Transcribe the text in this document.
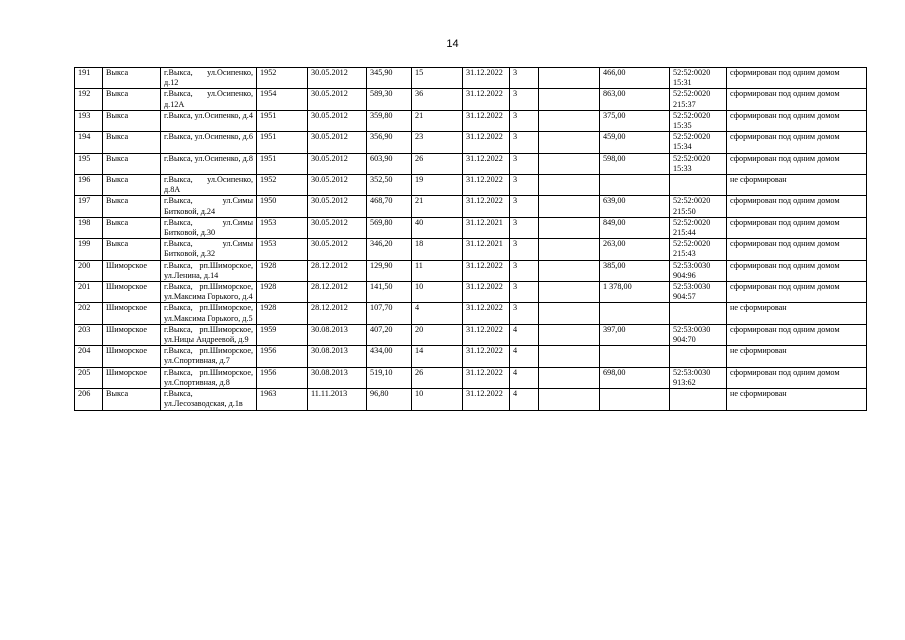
14
191	Выкса	г.Выкса, ул.Осипенко, д.12	1952	30.05.2012	345,90	15	31.12.2022	3		466,00	52:52:0020 15:31	сформирован под одним домом
192	Выкса	г.Выкса, ул.Осипенко, д.12А	1954	30.05.2012	589,30	36	31.12.2022	3		863,00	52:52:0020 215:37	сформирован под одним домом
193	Выкса	г.Выкса, ул.Осипенко, д.4	1951	30.05.2012	359,80	21	31.12.2022	3		375,00	52:52:0020 15:35	сформирован под одним домом
194	Выкса	г.Выкса, ул.Осипенко, д.6	1951	30.05.2012	356,90	23	31.12.2022	3		459,00	52:52:0020 15:34	сформирован под одним домом
195	Выкса	г.Выкса, ул.Осипенко, д.8	1951	30.05.2012	603,90	26	31.12.2022	3		598,00	52:52:0020 15:33	сформирован под одним домом
196	Выкса	г.Выкса, ул.Осипенко, д.8А	1952	30.05.2012	352,50	19	31.12.2022	3				не сформирован
197	Выкса	г.Выкса, ул.Симы Битковой, д.24	1950	30.05.2012	468,70	21	31.12.2022	3		639,00	52:52:0020 215:50	сформирован под одним домом
198	Выкса	г.Выкса, ул.Симы Битковой, д.30	1953	30.05.2012	569,80	40	31.12.2021	3		849,00	52:52:0020 215:44	сформирован под одним домом
199	Выкса	г.Выкса, ул.Симы Битковой, д.32	1953	30.05.2012	346,20	18	31.12.2021	3		263,00	52:52:0020 215:43	сформирован под одним домом
200	Шиморское	г.Выкса, рп.Шиморское, ул.Ленина, д.14	1928	28.12.2012	129,90	11	31.12.2022	3		385,00	52:53:0030 904:96	сформирован под одним домом
201	Шиморское	г.Выкса, рп.Шиморское, ул.Максима Горького, д.4	1928	28.12.2012	141,50	10	31.12.2022	3		1 378,00	52:53:0030 904:57	сформирован под одним домом
202	Шиморское	г.Выкса, рп.Шиморское, ул.Максима Горького, д.5	1928	28.12.2012	107,70	4	31.12.2022	3				не сформирован
203	Шиморское	г.Выкса, рп.Шиморское, ул.Ницы Андреевой, д.9	1959	30.08.2013	407,20	20	31.12.2022	4		397,00	52:53:0030 904:70	сформирован под одним домом
204	Шиморское	г.Выкса, рп.Шиморское, ул.Спортивная, д.7	1956	30.08.2013	434,00	14	31.12.2022	4				не сформирован
205	Шиморское	г.Выкса, рп.Шиморское, ул.Спортивная, д.8	1956	30.08.2013	519,10	26	31.12.2022	4		698,00	52:53:0030 913:62	сформирован под одним домом
206	Выкса	г.Выкса, ул.Лесозаводская, д.1в	1963	11.11.2013	96,80	10	31.12.2022	4				не сформирован
